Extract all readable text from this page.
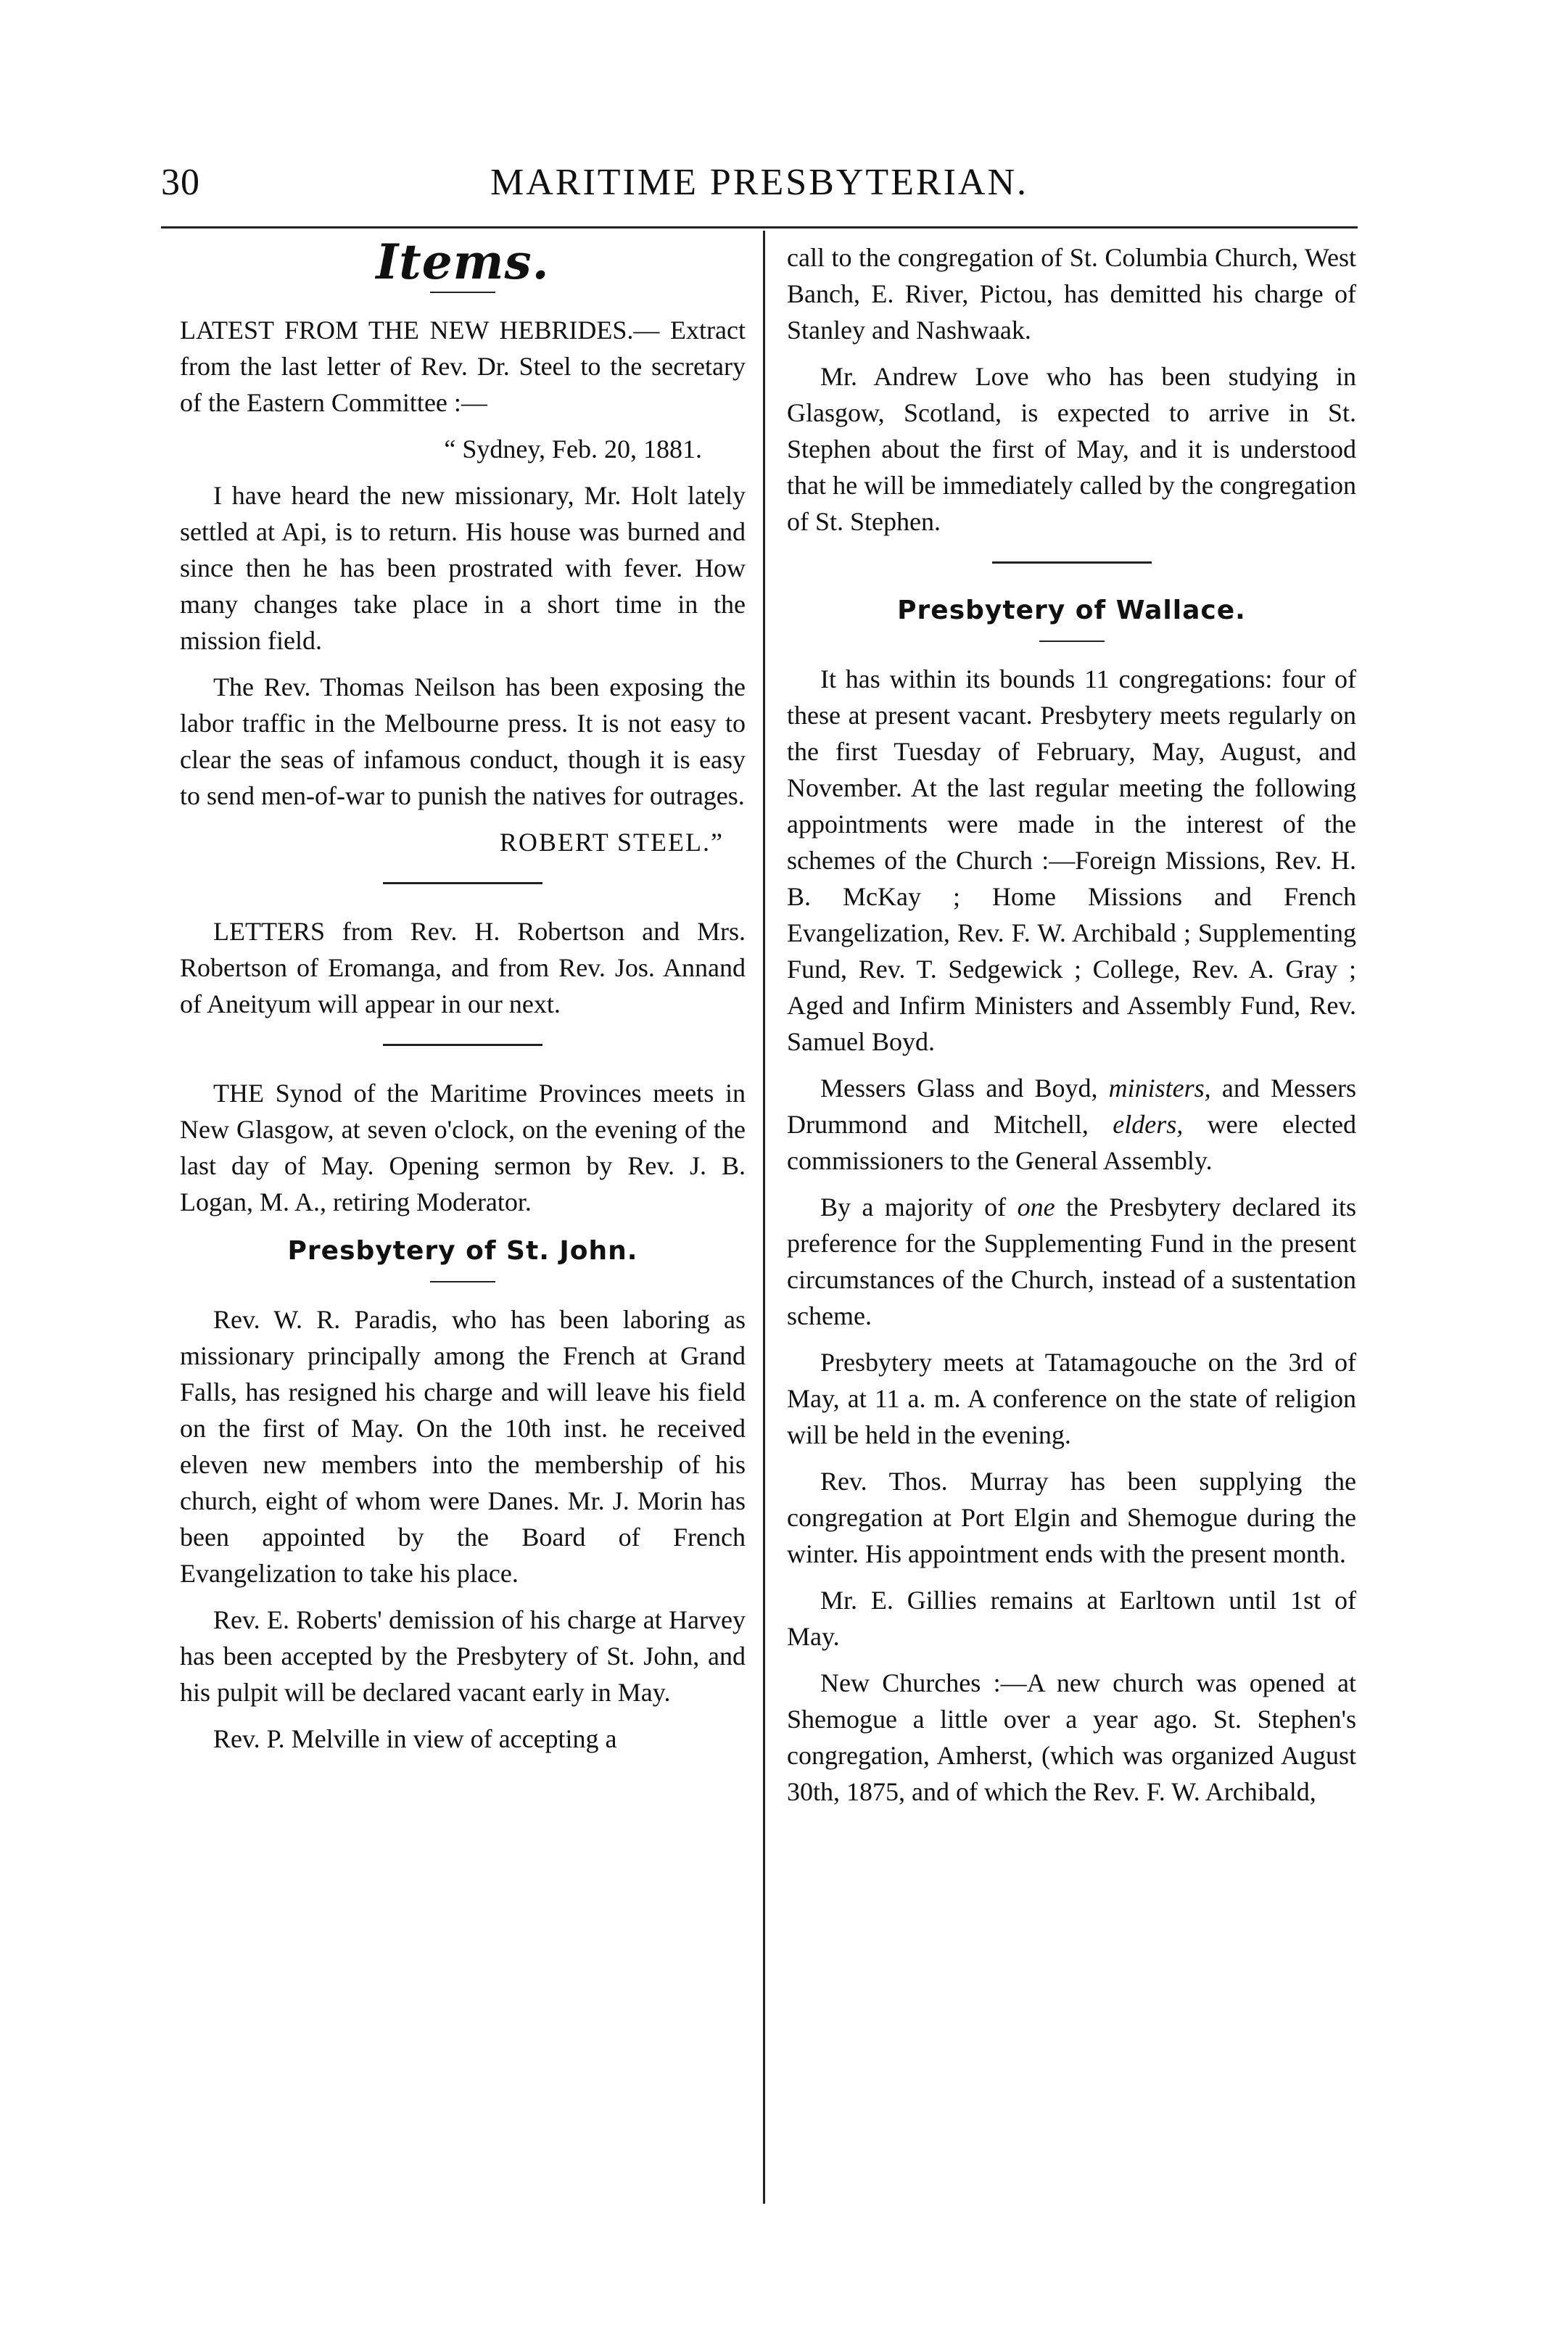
30	MARITIME PRESBYTERIAN.
Items.

LATEST FROM THE NEW HEBRIDES.— Extract from the last letter of Rev. Dr. Steel to the secretary of the Eastern Committee :—

“ Sydney, Feb. 20, 1881.

I have heard the new missionary, Mr. Holt lately settled at Api, is to return. His house was burned and since then he has been prostrated with fever. How many changes take place in a short time in the mission field.

The Rev. Thomas Neilson has been exposing the labor traffic in the Melbourne press. It is not easy to clear the seas of infamous conduct, though it is easy to send men-of-war to punish the natives for outrages.

ROBERT STEEL.”

LETTERS from Rev. H. Robertson and Mrs. Robertson of Eromanga, and from Rev. Jos. Annand of Aneityum will appear in our next.

THE Synod of the Maritime Provinces meets in New Glasgow, at seven o'clock, on the evening of the last day of May. Opening sermon by Rev. J. B. Logan, M. A., retiring Moderator.

Presbytery of St. John.

Rev. W. R. Paradis, who has been laboring as missionary principally among the French at Grand Falls, has resigned his charge and will leave his field on the first of May. On the 10th inst. he received eleven new members into the membership of his church, eight of whom were Danes. Mr. J. Morin has been appointed by the Board of French Evangelization to take his place.

Rev. E. Roberts' demission of his charge at Harvey has been accepted by the Presbytery of St. John, and his pulpit will be declared vacant early in May.

Rev. P. Melville in view of accepting a

call to the congregation of St. Columbia Church, West Banch, E. River, Pictou, has demitted his charge of Stanley and Nashwaak.

Mr. Andrew Love who has been studying in Glasgow, Scotland, is expected to arrive in St. Stephen about the first of May, and it is understood that he will be immediately called by the congregation of St. Stephen.

Presbytery of Wallace.

It has within its bounds 11 congregations: four of these at present vacant. Presbytery meets regularly on the first Tuesday of February, May, August, and November. At the last regular meeting the following appointments were made in the interest of the schemes of the Church :—Foreign Missions, Rev. H. B. McKay ; Home Missions and French Evangelization, Rev. F. W. Archibald ; Supplementing Fund, Rev. T. Sedgewick ; College, Rev. A. Gray ; Aged and Infirm Ministers and Assembly Fund, Rev. Samuel Boyd.

Messers Glass and Boyd, ministers, and Messers Drummond and Mitchell, elders, were elected commissioners to the General Assembly.

By a majority of one the Presbytery declared its preference for the Supplementing Fund in the present circumstances of the Church, instead of a sustentation scheme.

Presbytery meets at Tatamagouche on the 3rd of May, at 11 a. m. A conference on the state of religion will be held in the evening.

Rev. Thos. Murray has been supplying the congregation at Port Elgin and Shemogue during the winter. His appointment ends with the present month.

Mr. E. Gillies remains at Earltown until 1st of May.

New Churches :—A new church was opened at Shemogue a little over a year ago. St. Stephen's congregation, Amherst, (which was organized August 30th, 1875, and of which the Rev. F. W. Archibald,
